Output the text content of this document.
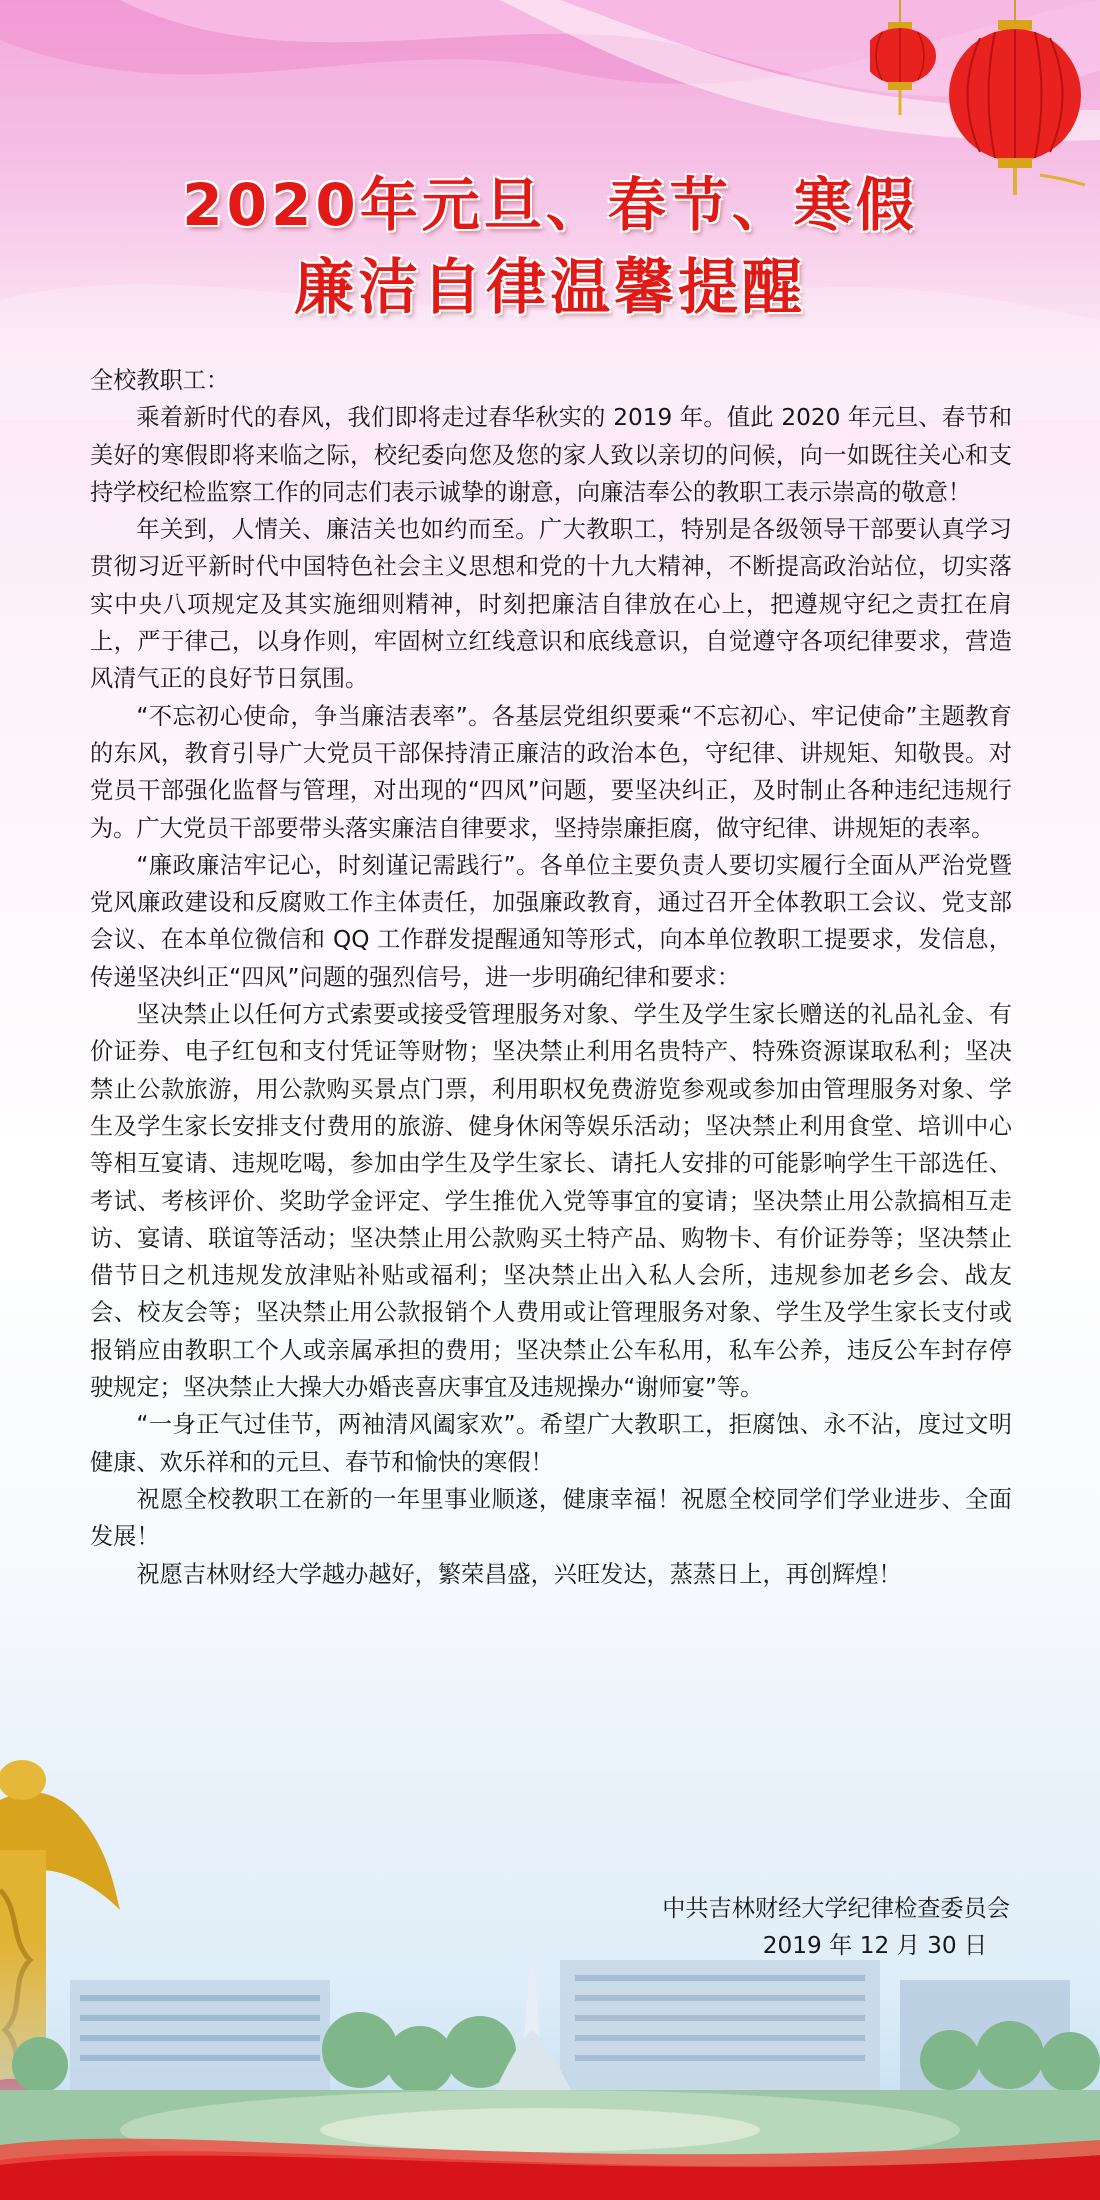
2020年元旦、春节、寒假
廉洁自律温馨提醒

全校教职工：

乘着新时代的春风，我们即将走过春华秋实的 2019 年。值此 2020 年元旦、春节和美好的寒假即将来临之际，校纪委向您及您的家人致以亲切的问候，向一如既往关心和支持学校纪检监察工作的同志们表示诚挚的谢意，向廉洁奉公的教职工表示崇高的敬意！

年关到，人情关、廉洁关也如约而至。广大教职工，特别是各级领导干部要认真学习贯彻习近平新时代中国特色社会主义思想和党的十九大精神，不断提高政治站位，切实落实中央八项规定及其实施细则精神，时刻把廉洁自律放在心上，把遵规守纪之责扛在肩上，严于律己，以身作则，牢固树立红线意识和底线意识，自觉遵守各项纪律要求，营造风清气正的良好节日氛围。

“不忘初心使命，争当廉洁表率”。各基层党组织要乘“不忘初心、牢记使命”主题教育的东风，教育引导广大党员干部保持清正廉洁的政治本色，守纪律、讲规矩、知敬畏。对党员干部强化监督与管理，对出现的“四风”问题，要坚决纠正，及时制止各种违纪违规行为。广大党员干部要带头落实廉洁自律要求，坚持崇廉拒腐，做守纪律、讲规矩的表率。

“廉政廉洁牢记心，时刻谨记需践行”。各单位主要负责人要切实履行全面从严治党暨党风廉政建设和反腐败工作主体责任，加强廉政教育，通过召开全体教职工会议、党支部会议、在本单位微信和 QQ 工作群发提醒通知等形式，向本单位教职工提要求，发信息，传递坚决纠正“四风”问题的强烈信号，进一步明确纪律和要求：

坚决禁止以任何方式索要或接受管理服务对象、学生及学生家长赠送的礼品礼金、有价证券、电子红包和支付凭证等财物；坚决禁止利用名贵特产、特殊资源谋取私利；坚决禁止公款旅游，用公款购买景点门票，利用职权免费游览参观或参加由管理服务对象、学生及学生家长安排支付费用的旅游、健身休闲等娱乐活动；坚决禁止利用食堂、培训中心等相互宴请、违规吃喝，参加由学生及学生家长、请托人安排的可能影响学生干部选任、考试、考核评价、奖助学金评定、学生推优入党等事宜的宴请；坚决禁止用公款搞相互走访、宴请、联谊等活动；坚决禁止用公款购买土特产品、购物卡、有价证券等；坚决禁止借节日之机违规发放津贴补贴或福利；坚决禁止出入私人会所，违规参加老乡会、战友会、校友会等；坚决禁止用公款报销个人费用或让管理服务对象、学生及学生家长支付或报销应由教职工个人或亲属承担的费用；坚决禁止公车私用，私车公养，违反公车封存停驶规定；坚决禁止大操大办婚丧喜庆事宜及违规操办“谢师宴”等。

“一身正气过佳节，两袖清风阖家欢”。希望广大教职工，拒腐蚀、永不沾，度过文明健康、欢乐祥和的元旦、春节和愉快的寒假！

祝愿全校教职工在新的一年里事业顺遂，健康幸福！祝愿全校同学们学业进步、全面发展！

祝愿吉林财经大学越办越好，繁荣昌盛，兴旺发达，蒸蒸日上，再创辉煌！

中共吉林财经大学纪律检查委员会
2019 年 12 月 30 日
